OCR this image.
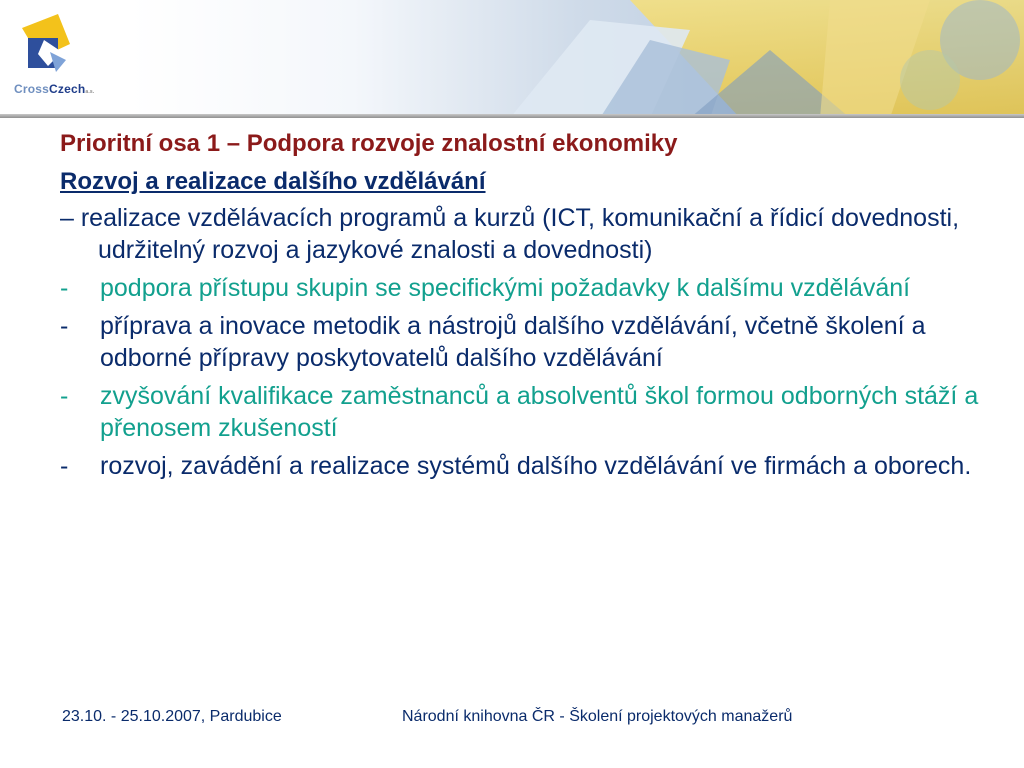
CrossCzecha.s.
Prioritní osa 1 – Podpora rozvoje znalostní ekonomiky
Rozvoj a realizace dalšího vzdělávání
– realizace vzdělávacích programů a kurzů (ICT, komunikační a řídicí dovednosti, udržitelný rozvoj a jazykové znalosti a dovednosti)
-	podpora přístupu skupin se specifickými požadavky k dalšímu vzdělávání
-	příprava a inovace metodik a nástrojů dalšího vzdělávání, včetně školení a odborné přípravy poskytovatelů dalšího vzdělávání
-	zvyšování kvalifikace zaměstnanců a absolventů škol formou odborných stáží a přenosem zkušeností
-	rozvoj, zavádění a realizace systémů dalšího vzdělávání ve firmách a oborech.
23.10. - 25.10.2007, Pardubice	Národní knihovna ČR - Školení projektových manažerů
